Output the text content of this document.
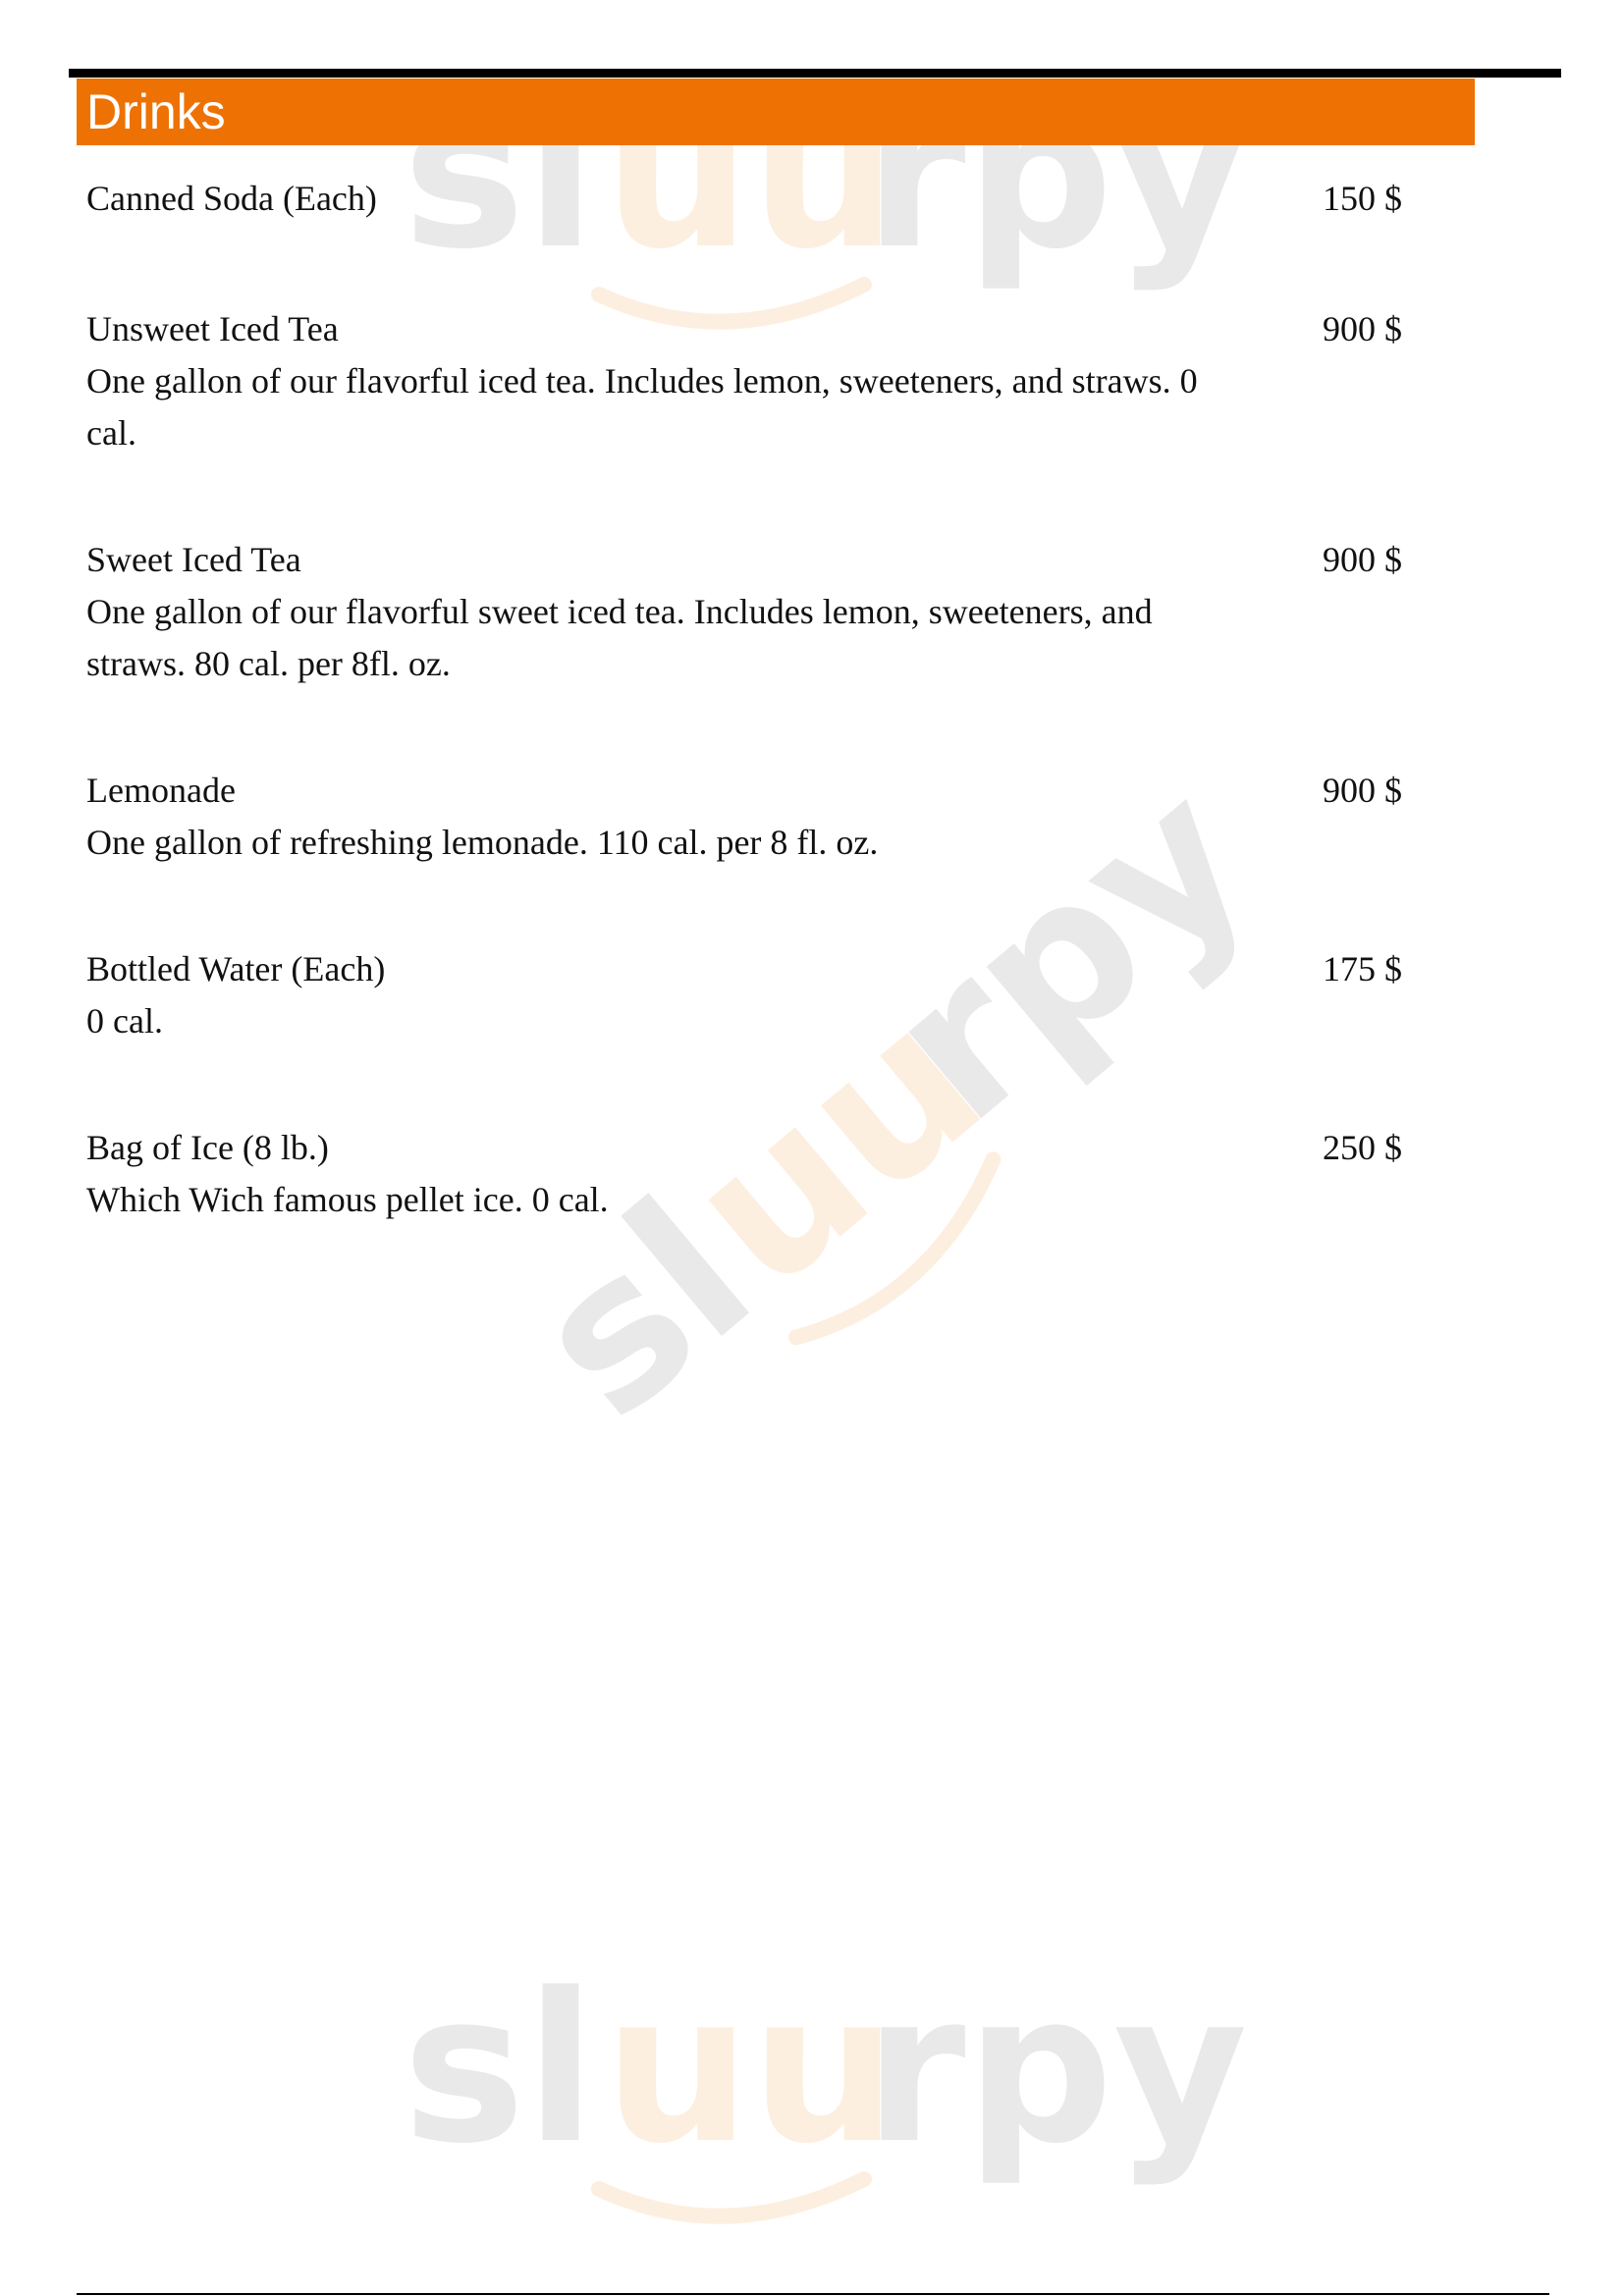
sl uu
rpy
sl
uu
rpy
sl uu
rpy
Drinks

Canned Soda (Each)	150 $

Unsweet Iced Tea

One gallon of our flavorful iced tea. Includes lemon, sweeteners, and straws. 0 cal.

900 $

Sweet Iced Tea

One gallon of our flavorful sweet iced tea. Includes lemon, sweeteners, and straws. 80 cal. per 8fl. oz.

900 $

Lemonade

One gallon of refreshing lemonade. 110 cal. per 8 fl. oz.

900 $

Bottled Water (Each)

0 cal.

175 $

Bag of Ice (8 lb.)

Which Wich famous pellet ice. 0 cal.

250 $
